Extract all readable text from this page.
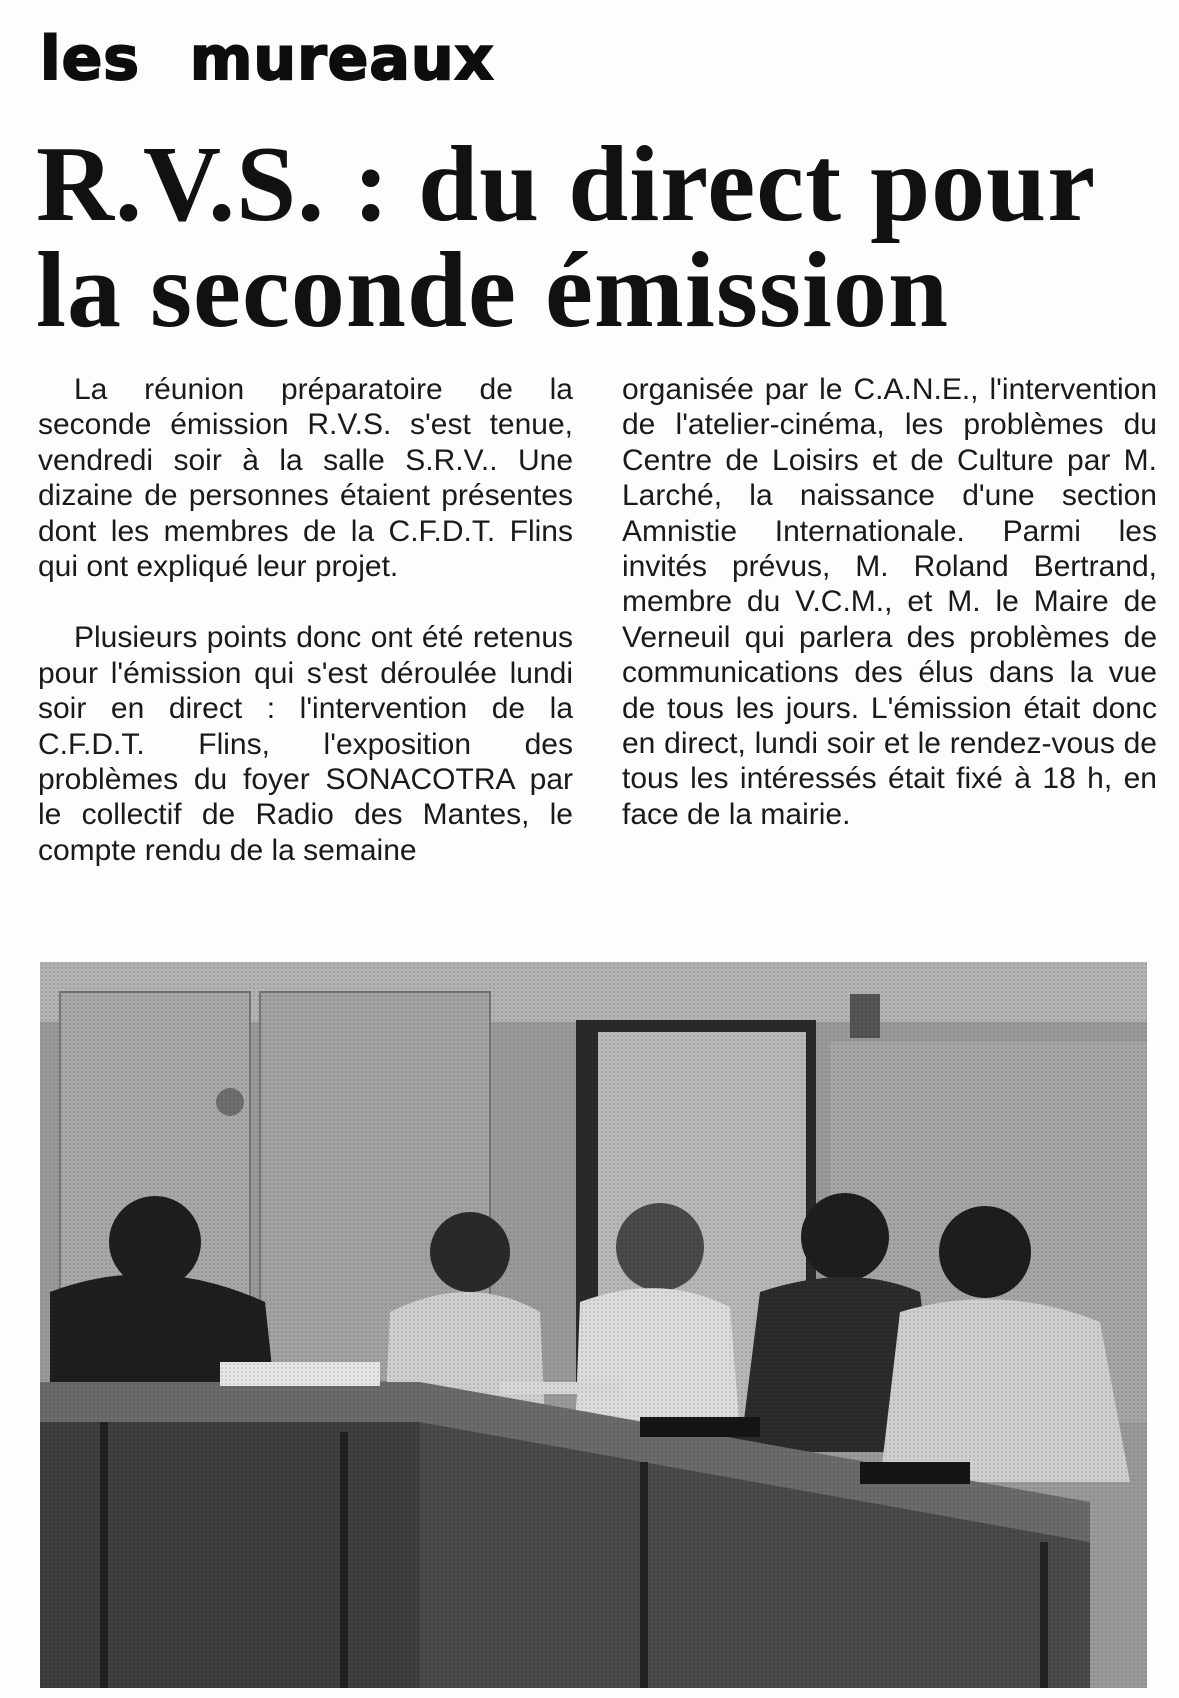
les mureaux
R.V.S. : du direct pour
la seconde émission

La réunion préparatoire de la seconde émission R.V.S. s'est tenue, vendredi soir à la salle S.R.V.. Une dizaine de personnes étaient présentes dont les membres de la C.F.D.T. Flins qui ont expliqué leur projet.

Plusieurs points donc ont été retenus pour l'émission qui s'est déroulée lundi soir en direct : l'intervention de la C.F.D.T. Flins, l'exposition des problèmes du foyer SONACOTRA par le collectif de Radio des Mantes, le compte rendu de la semaine

organisée par le C.A.N.E., l'intervention de l'atelier-cinéma, les problèmes du Centre de Loisirs et de Culture par M. Larché, la naissance d'une section Amnistie Internationale. Parmi les invités prévus, M. Roland Bertrand, membre du V.C.M., et M. le Maire de Verneuil qui parlera des problèmes de communications des élus dans la vue de tous les jours. L'émission était donc en direct, lundi soir et le rendez-vous de tous les intéressés était fixé à 18 h, en face de la mairie.
